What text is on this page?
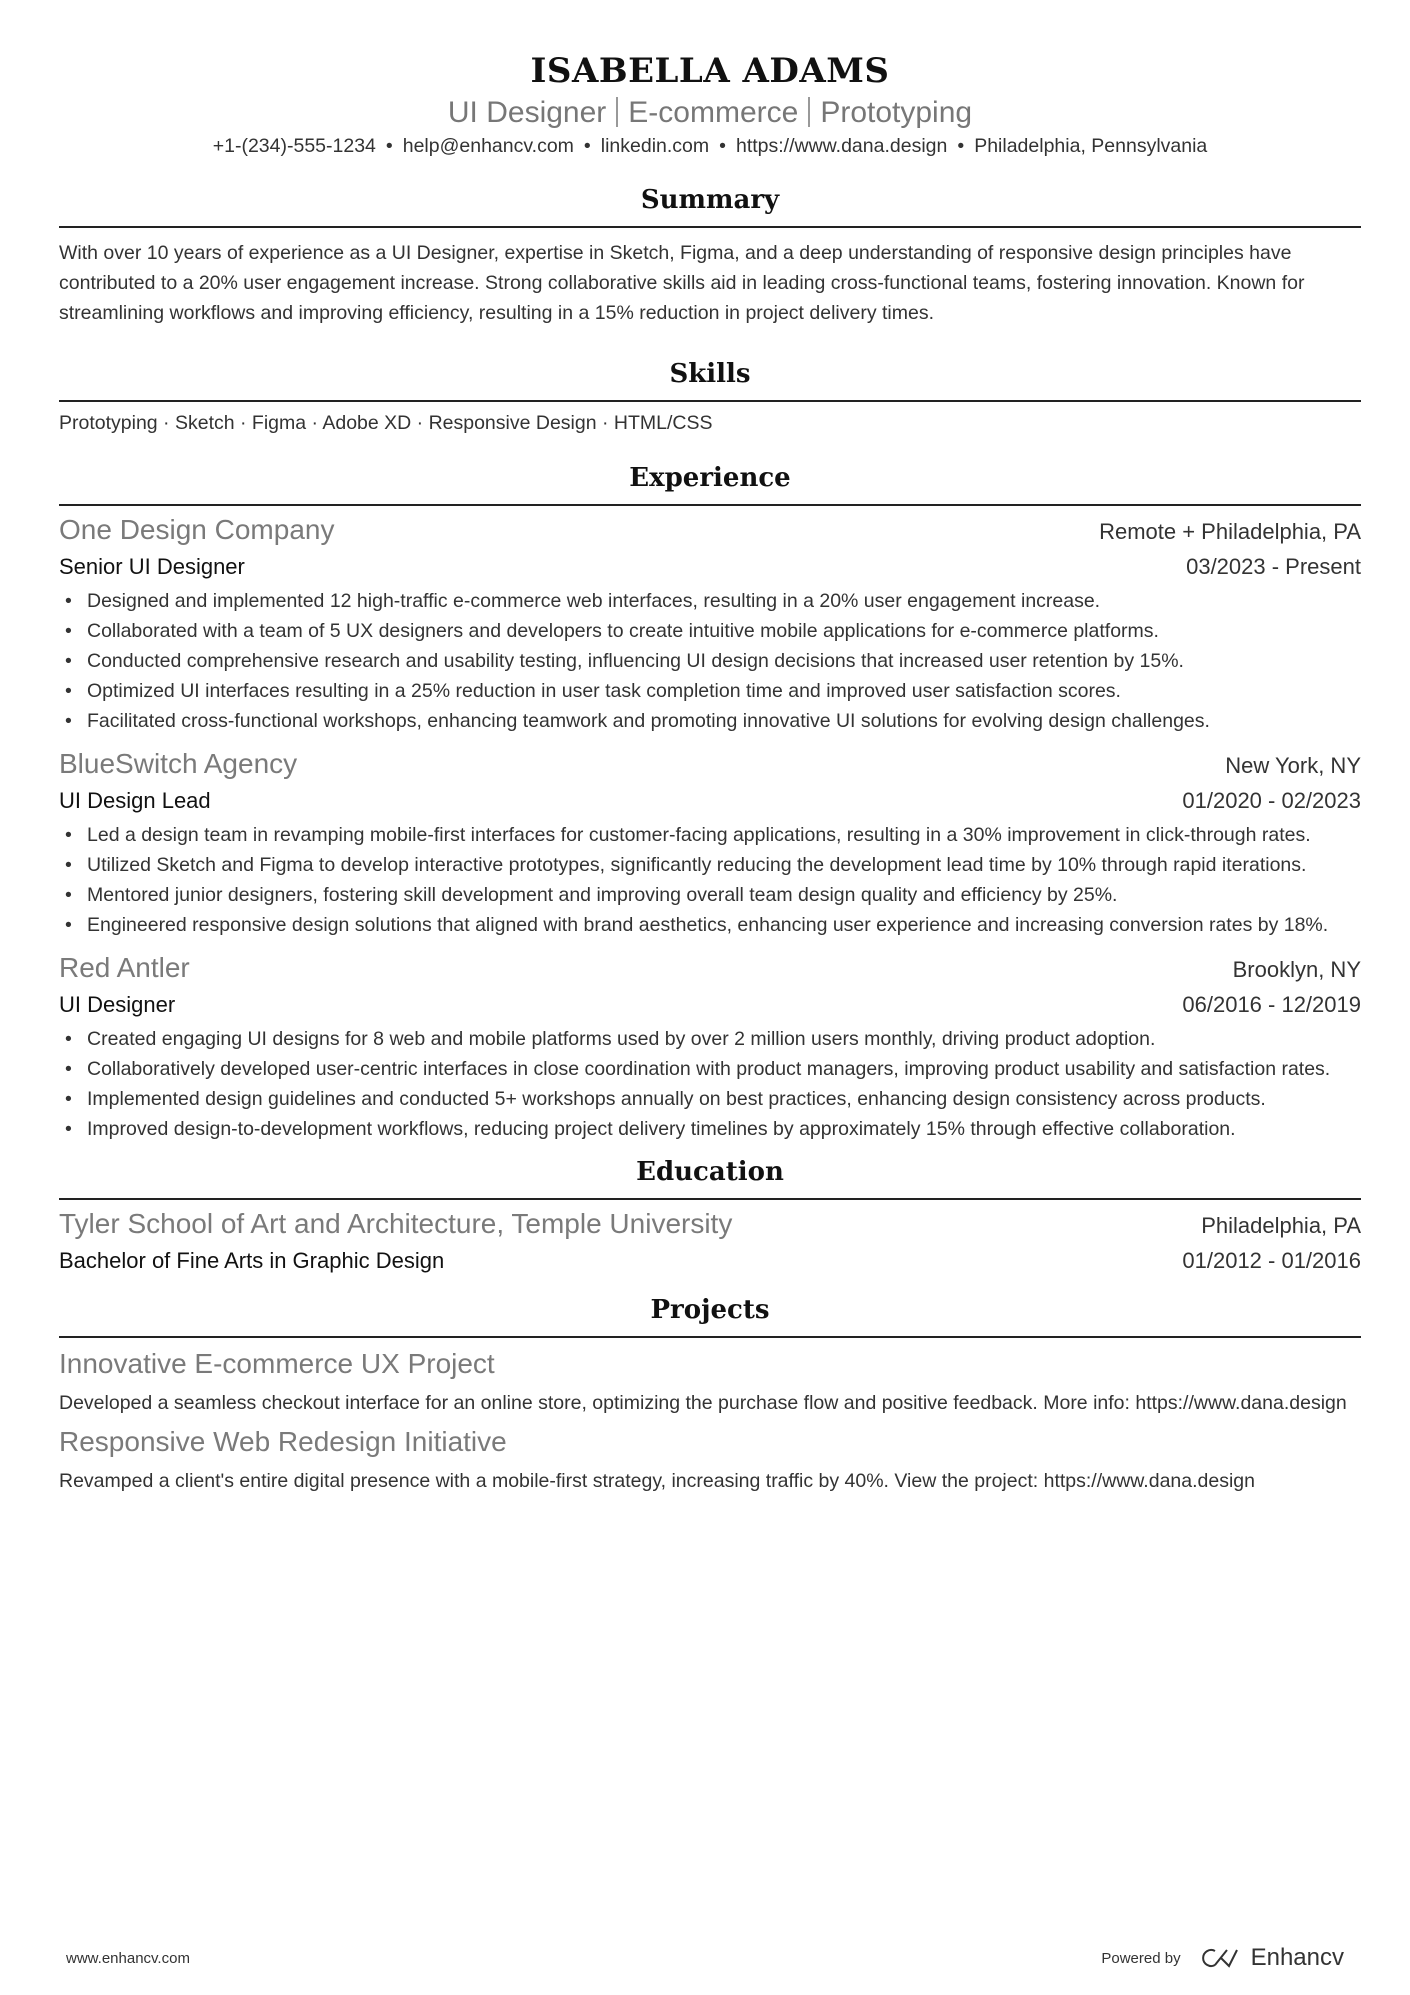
ISABELLA ADAMS
UI Designer E-commerce Prototyping
+1-(234)-555-1234 • help@enhancv.com • linkedin.com • https://www.dana.design • Philadelphia, Pennsylvania
Summary

With over 10 years of experience as a UI Designer, expertise in Sketch, Figma, and a deep understanding of responsive design principles have contributed to a 20% user engagement increase. Strong collaborative skills aid in leading cross-functional teams, fostering innovation. Known for streamlining workflows and improving efficiency, resulting in a 15% reduction in project delivery times.

Skills

Prototyping · Sketch · Figma · Adobe XD · Responsive Design · HTML/CSS

Experience
One Design Company	Remote + Philadelphia, PA
Senior UI Designer	03/2023 - Present
• Designed and implemented 12 high-traffic e-commerce web interfaces, resulting in a 20% user engagement increase.
• Collaborated with a team of 5 UX designers and developers to create intuitive mobile applications for e-commerce platforms.
• Conducted comprehensive research and usability testing, influencing UI design decisions that increased user retention by 15%.
• Optimized UI interfaces resulting in a 25% reduction in user task completion time and improved user satisfaction scores.
• Facilitated cross-functional workshops, enhancing teamwork and promoting innovative UI solutions for evolving design challenges.
BlueSwitch Agency	New York, NY
UI Design Lead	01/2020 - 02/2023
• Led a design team in revamping mobile-first interfaces for customer-facing applications, resulting in a 30% improvement in click-through rates.
• Utilized Sketch and Figma to develop interactive prototypes, significantly reducing the development lead time by 10% through rapid iterations.
• Mentored junior designers, fostering skill development and improving overall team design quality and efficiency by 25%.
• Engineered responsive design solutions that aligned with brand aesthetics, enhancing user experience and increasing conversion rates by 18%.
Red Antler	Brooklyn, NY
UI Designer	06/2016 - 12/2019
• Created engaging UI designs for 8 web and mobile platforms used by over 2 million users monthly, driving product adoption.
• Collaboratively developed user-centric interfaces in close coordination with product managers, improving product usability and satisfaction rates.
• Implemented design guidelines and conducted 5+ workshops annually on best practices, enhancing design consistency across products.
• Improved design-to-development workflows, reducing project delivery timelines by approximately 15% through effective collaboration.
Education
Tyler School of Art and Architecture, Temple University	Philadelphia, PA
Bachelor of Fine Arts in Graphic Design	01/2012 - 01/2016
Projects
Innovative E-commerce UX Project

Developed a seamless checkout interface for an online store, optimizing the purchase flow and positive feedback. More info: https://www.dana.design

Responsive Web Redesign Initiative

Revamped a client's entire digital presence with a mobile-first strategy, increasing traffic by 40%. View the project: https://www.dana.design

www.enhancv.com	Powered by	Enhancv
